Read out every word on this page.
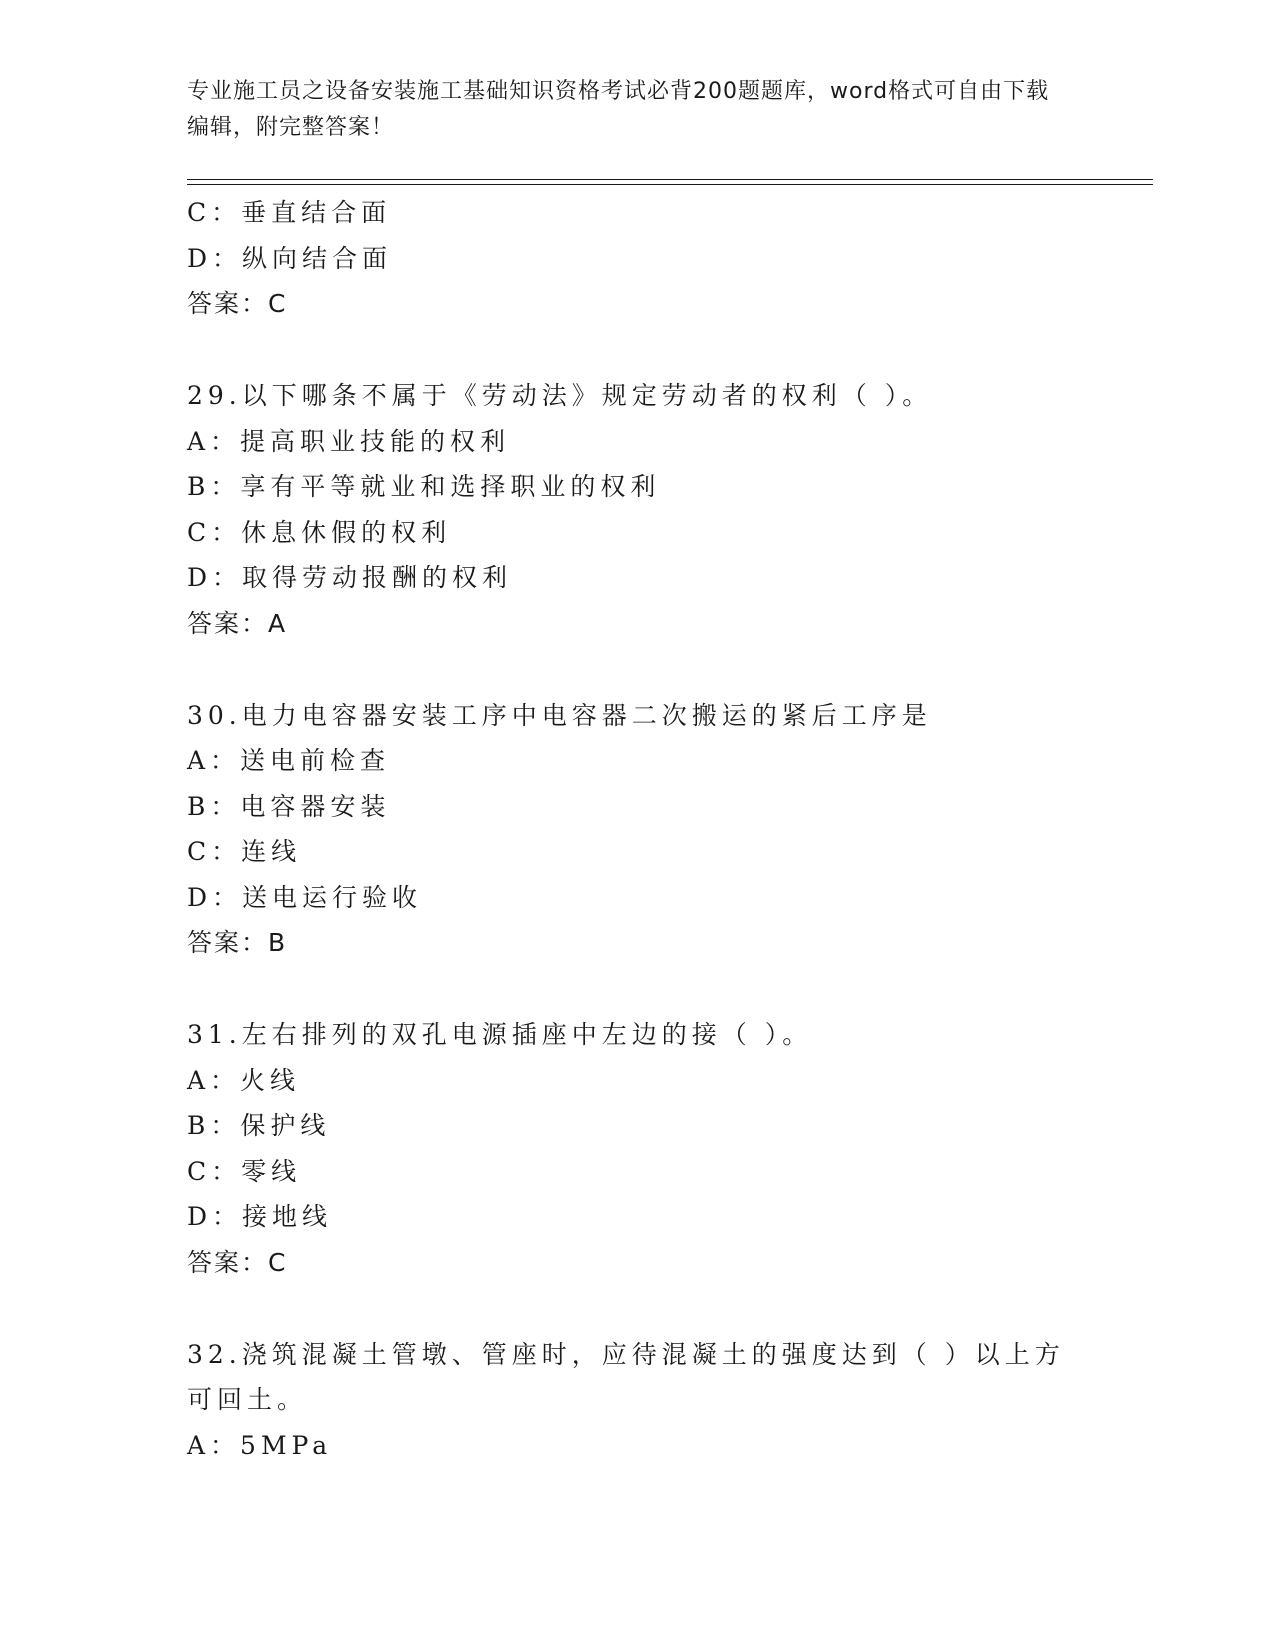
专业施工员之设备安装施工基础知识资格考试必背200题题库，word格式可自由下载编辑，附完整答案！
C：垂直结合面
D：纵向结合面
答案：C
29.以下哪条不属于《劳动法》规定劳动者的权利（ ）。
A：提高职业技能的权利
B：享有平等就业和选择职业的权利
C：休息休假的权利
D：取得劳动报酬的权利
答案：A
30.电力电容器安装工序中电容器二次搬运的紧后工序是
A：送电前检查
B：电容器安装
C：连线
D：送电运行验收
答案：B
31.左右排列的双孔电源插座中左边的接（ ）。
A：火线
B：保护线
C：零线
D：接地线
答案：C
32.浇筑混凝土管墩、管座时，应待混凝土的强度达到（ ）以上方可回土。
A：5MPa
